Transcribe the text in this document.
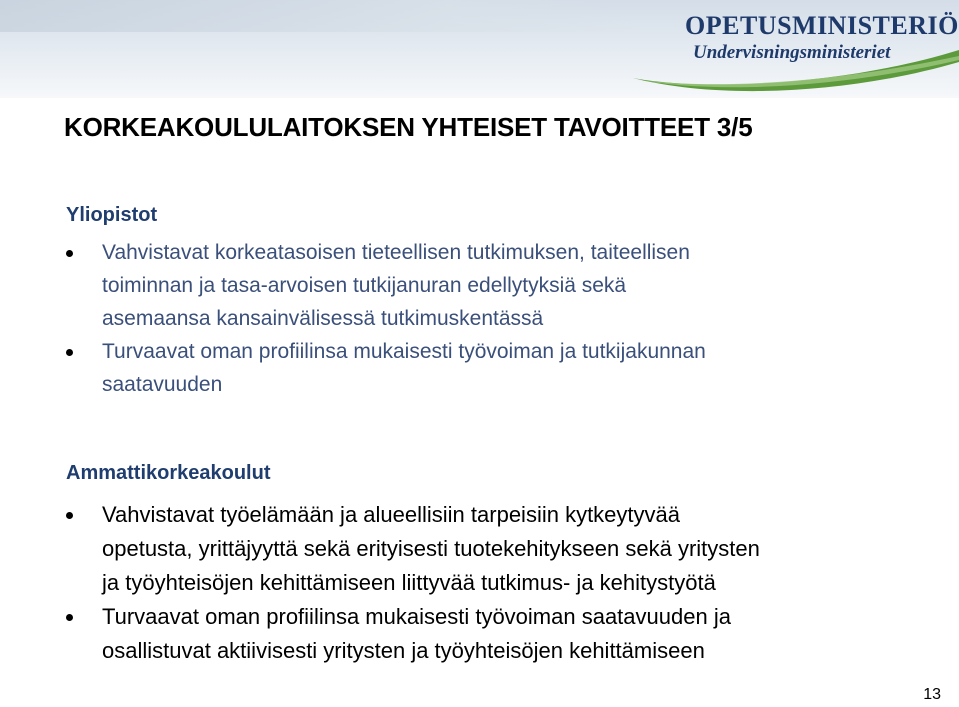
OPETUSMINISTERIÖ
Undervisningsministeriet
KORKEAKOULULAITOKSEN YHTEISET TAVOITTEET 3/5
Yliopistot
Vahvistavat korkeatasoisen tieteellisen tutkimuksen, taiteellisen
toiminnan ja tasa-arvoisen tutkijanuran edellytyksiä sekä
asemaansa kansainvälisessä tutkimuskentässä
Turvaavat oman profiilinsa mukaisesti työvoiman ja tutkijakunnan
saatavuuden
Ammattikorkeakoulut
Vahvistavat työelämään ja alueellisiin tarpeisiin kytkeytyvää
opetusta, yrittäjyyttä sekä erityisesti tuotekehitykseen sekä yritysten
ja työyhteisöjen kehittämiseen liittyvää tutkimus- ja kehitystyötä
Turvaavat oman profiilinsa mukaisesti työvoiman saatavuuden ja
osallistuvat aktiivisesti yritysten ja työyhteisöjen kehittämiseen
13
